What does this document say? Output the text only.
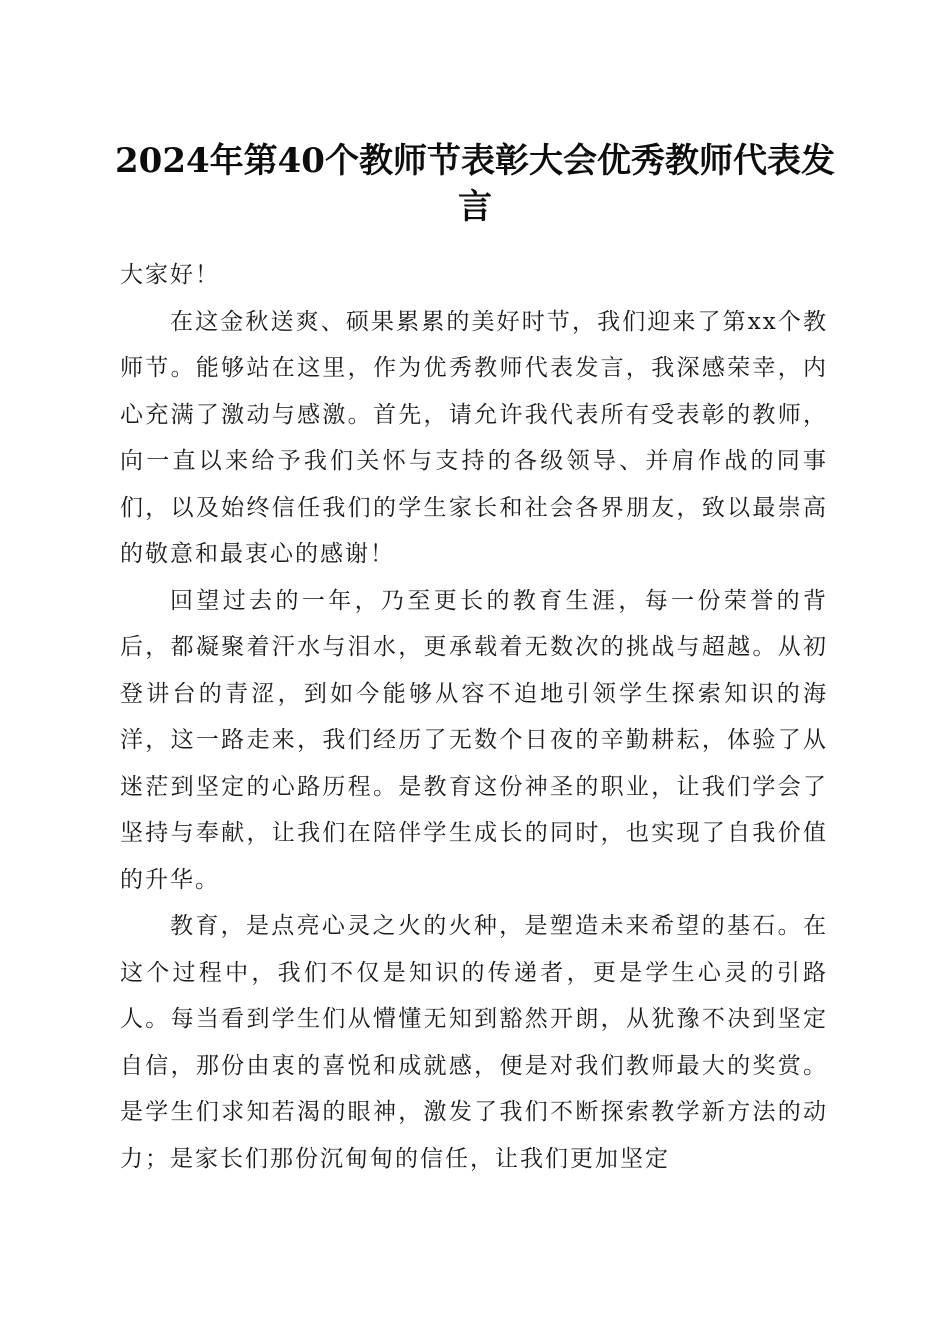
2024年第40个教师节表彰大会优秀教师代表发言

大家好！

在这金秋送爽、硕果累累的美好时节，我们迎来了第xx个教师节。能够站在这里，作为优秀教师代表发言，我深感荣幸，内心充满了激动与感激。首先，请允许我代表所有受表彰的教师，向一直以来给予我们关怀与支持的各级领导、并肩作战的同事们，以及始终信任我们的学生家长和社会各界朋友，致以最崇高的敬意和最衷心的感谢！

回望过去的一年，乃至更长的教育生涯，每一份荣誉的背后，都凝聚着汗水与泪水，更承载着无数次的挑战与超越。从初登讲台的青涩，到如今能够从容不迫地引领学生探索知识的海洋，这一路走来，我们经历了无数个日夜的辛勤耕耘，体验了从迷茫到坚定的心路历程。是教育这份神圣的职业，让我们学会了坚持与奉献，让我们在陪伴学生成长的同时，也实现了自我价值的升华。

教育，是点亮心灵之火的火种，是塑造未来希望的基石。在这个过程中，我们不仅是知识的传递者，更是学生心灵的引路人。每当看到学生们从懵懂无知到豁然开朗，从犹豫不决到坚定自信，那份由衷的喜悦和成就感，便是对我们教师最大的奖赏。是学生们求知若渴的眼神，激发了我们不断探索教学新方法的动力；是家长们那份沉甸甸的信任，让我们更加坚定
